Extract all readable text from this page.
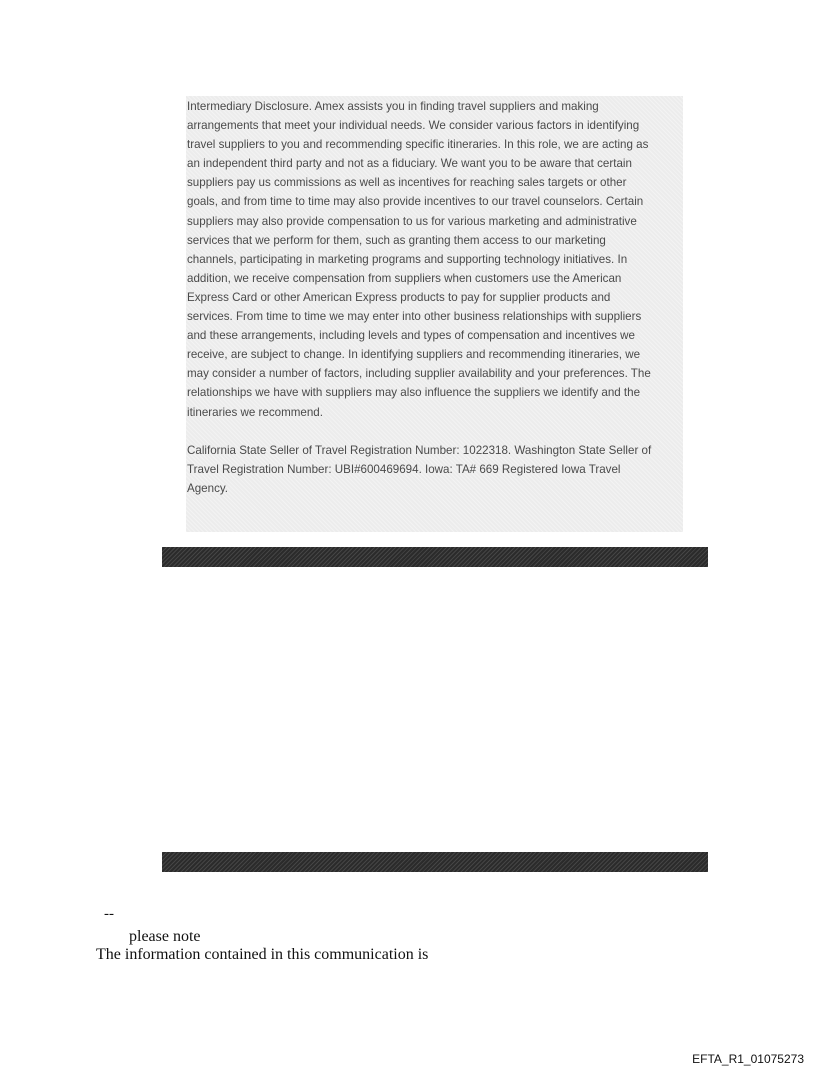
Intermediary Disclosure. Amex assists you in finding travel suppliers and making
arrangements that meet your individual needs. We consider various factors in identifying
travel suppliers to you and recommending specific itineraries. In this role, we are acting as
an independent third party and not as a fiduciary. We want you to be aware that certain
suppliers pay us commissions as well as incentives for reaching sales targets or other
goals, and from time to time may also provide incentives to our travel counselors. Certain
suppliers may also provide compensation to us for various marketing and administrative
services that we perform for them, such as granting them access to our marketing
channels, participating in marketing programs and supporting technology initiatives. In
addition, we receive compensation from suppliers when customers use the American
Express Card or other American Express products to pay for supplier products and
services. From time to time we may enter into other business relationships with suppliers
and these arrangements, including levels and types of compensation and incentives we
receive, are subject to change. In identifying suppliers and recommending itineraries, we
may consider a number of factors, including supplier availability and your preferences. The
relationships we have with suppliers may also influence the suppliers we identify and the
itineraries we recommend.
California State Seller of Travel Registration Number: 1022318. Washington State Seller of
Travel Registration Number: UBI#600469694. Iowa: TA# 669 Registered Iowa Travel
Agency.
--
please note
The information contained in this communication is
EFTA_R1_01075273
